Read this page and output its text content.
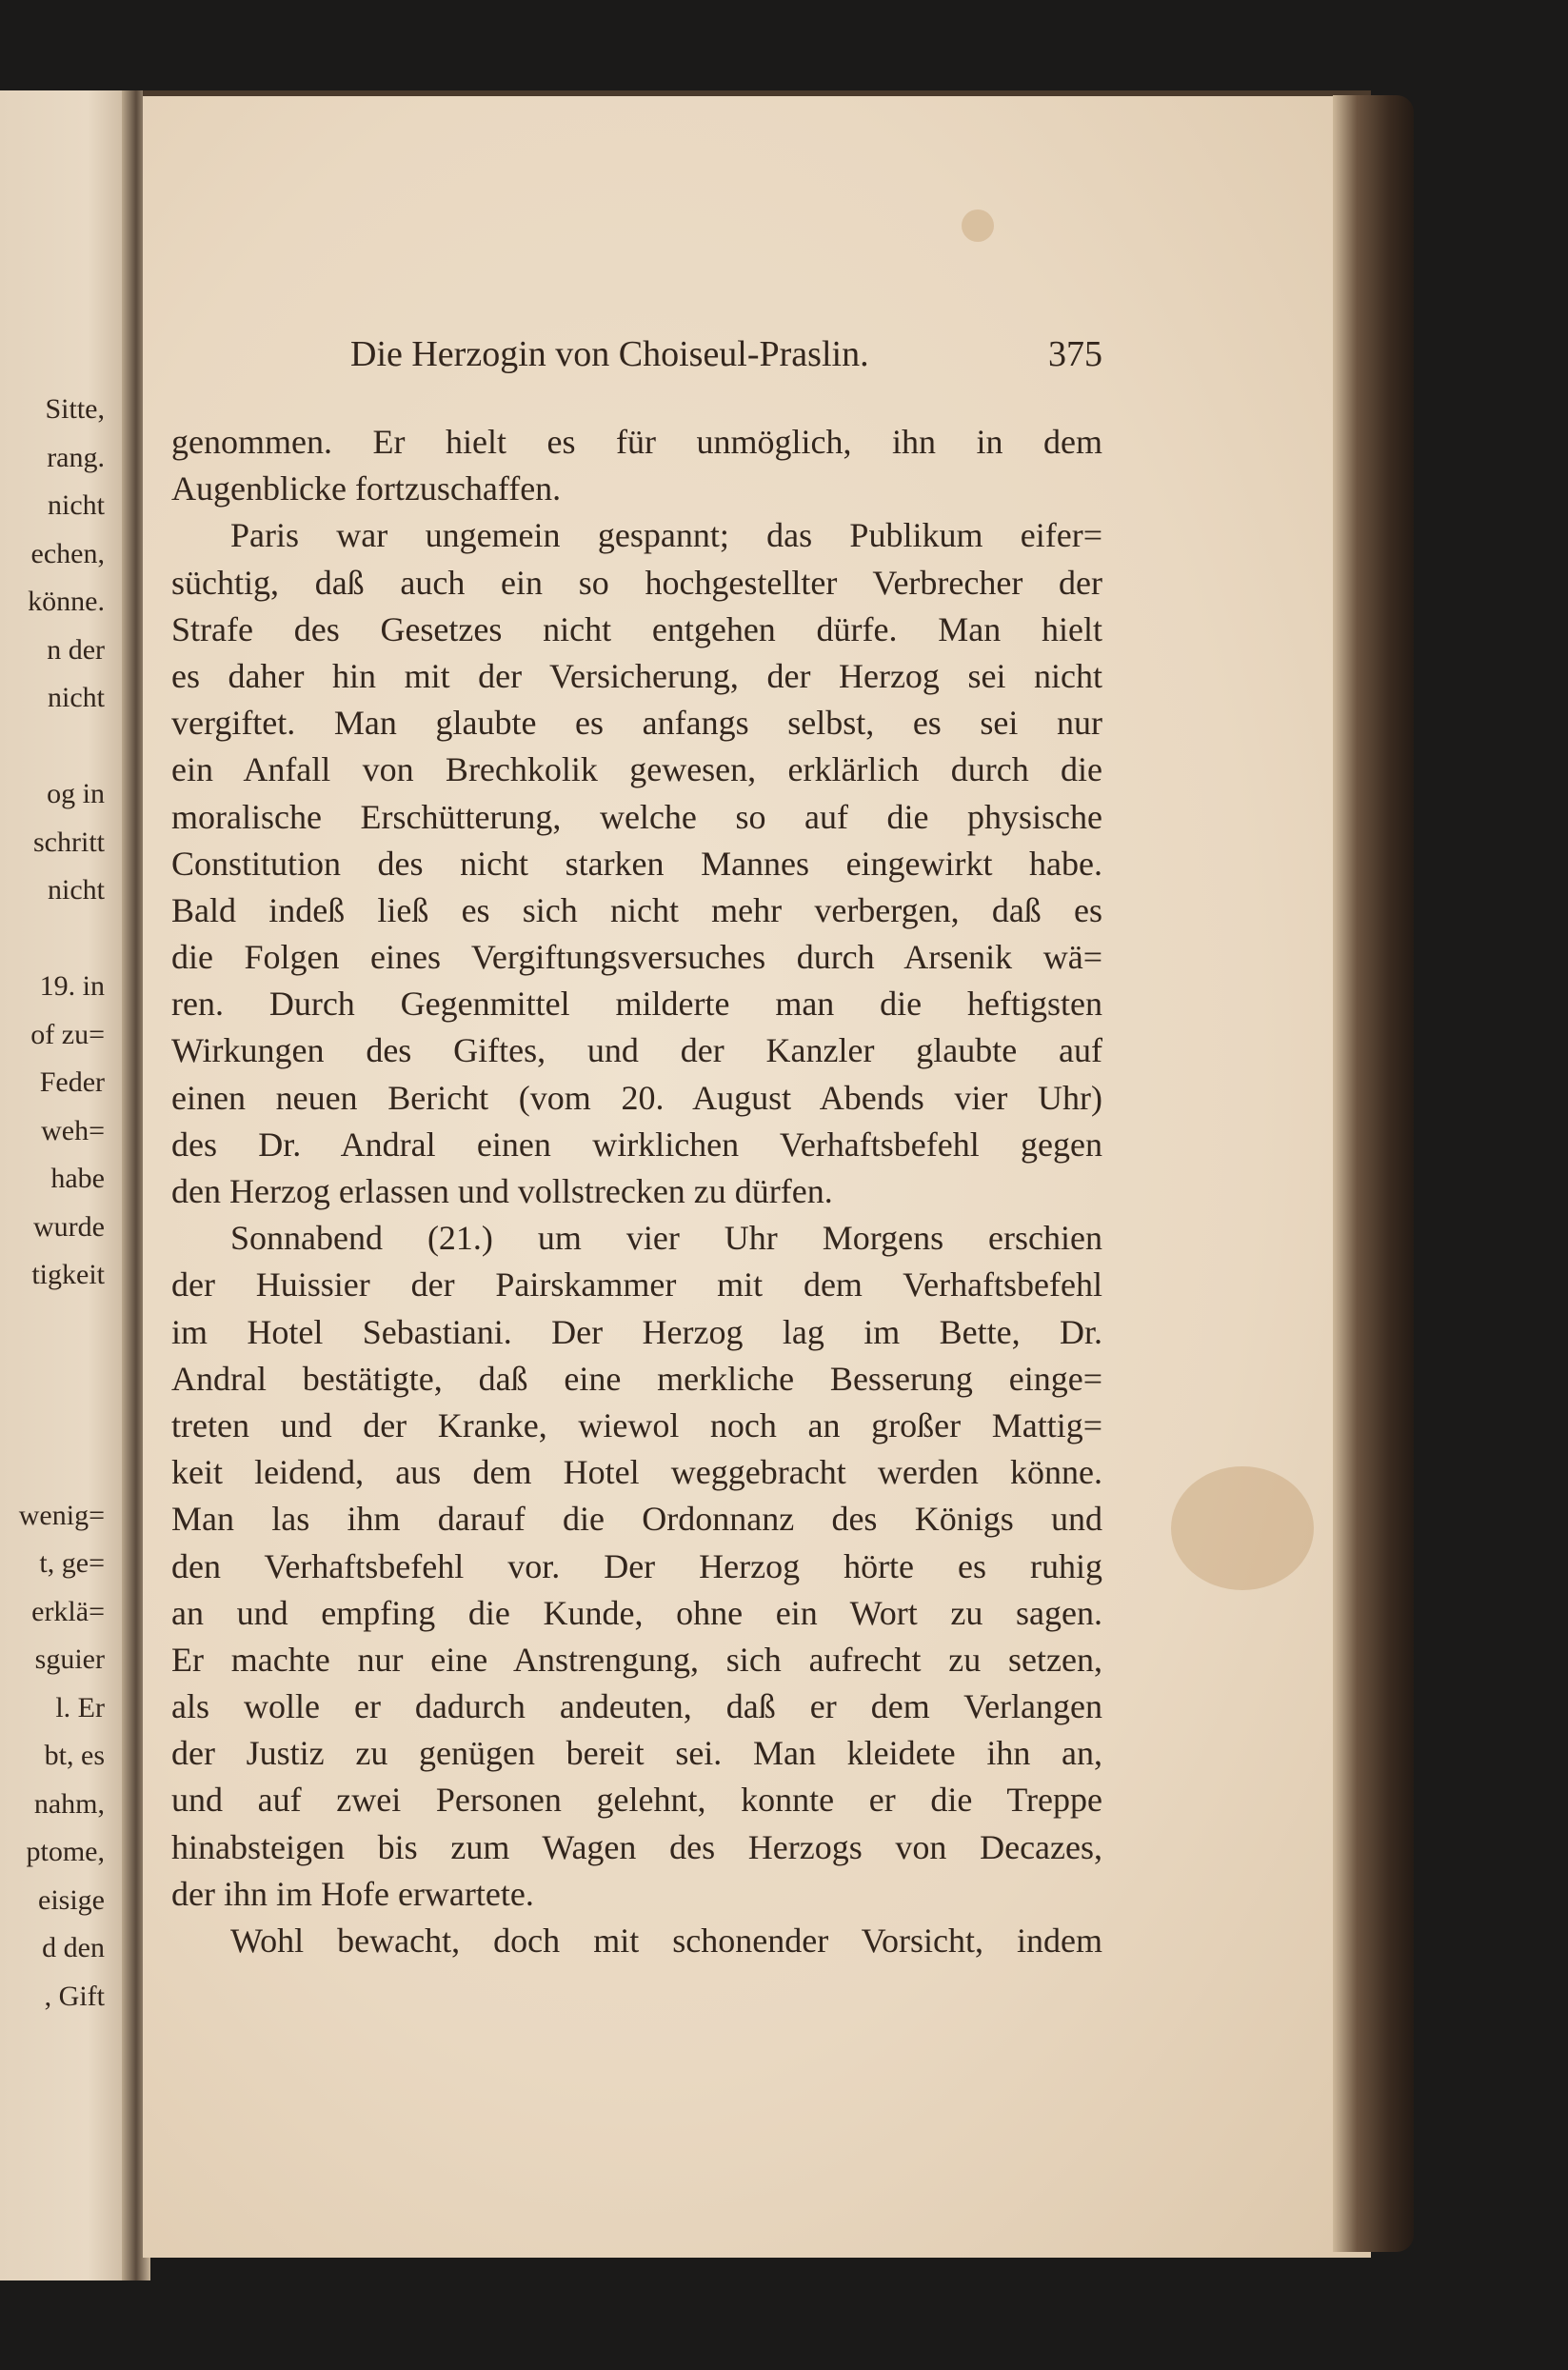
Sitte,
rang.
nicht
echen,
könne.
n der
nicht
og in
schritt
nicht
19. in
of zu=
Feder
weh=
habe
wurde
tigkeit
wenig=
t, ge=
erklä=
sguier
l. Er
bt, es
nahm,
ptome,
eisige
d den
, Gift
Die Herzogin von Choiseul-Praslin.	375
genommen. Er hielt es für unmöglich, ihn in dem
Augenblicke fortzuschaffen.
Paris war ungemein gespannt; das Publikum eifer=
süchtig, daß auch ein so hochgestellter Verbrecher der
Strafe des Gesetzes nicht entgehen dürfe. Man hielt
es daher hin mit der Versicherung, der Herzog sei nicht
vergiftet. Man glaubte es anfangs selbst, es sei nur
ein Anfall von Brechkolik gewesen, erklärlich durch die
moralische Erschütterung, welche so auf die physische
Constitution des nicht starken Mannes eingewirkt habe.
Bald indeß ließ es sich nicht mehr verbergen, daß es
die Folgen eines Vergiftungsversuches durch Arsenik wä=
ren. Durch Gegenmittel milderte man die heftigsten
Wirkungen des Giftes, und der Kanzler glaubte auf
einen neuen Bericht (vom 20. August Abends vier Uhr)
des Dr. Andral einen wirklichen Verhaftsbefehl gegen
den Herzog erlassen und vollstrecken zu dürfen.
Sonnabend (21.) um vier Uhr Morgens erschien
der Huissier der Pairskammer mit dem Verhaftsbefehl
im Hotel Sebastiani. Der Herzog lag im Bette, Dr.
Andral bestätigte, daß eine merkliche Besserung einge=
treten und der Kranke, wiewol noch an großer Mattig=
keit leidend, aus dem Hotel weggebracht werden könne.
Man las ihm darauf die Ordonnanz des Königs und
den Verhaftsbefehl vor. Der Herzog hörte es ruhig
an und empfing die Kunde, ohne ein Wort zu sagen.
Er machte nur eine Anstrengung, sich aufrecht zu setzen,
als wolle er dadurch andeuten, daß er dem Verlangen
der Justiz zu genügen bereit sei. Man kleidete ihn an,
und auf zwei Personen gelehnt, konnte er die Treppe
hinabsteigen bis zum Wagen des Herzogs von Decazes,
der ihn im Hofe erwartete.
Wohl bewacht, doch mit schonender Vorsicht, indem
